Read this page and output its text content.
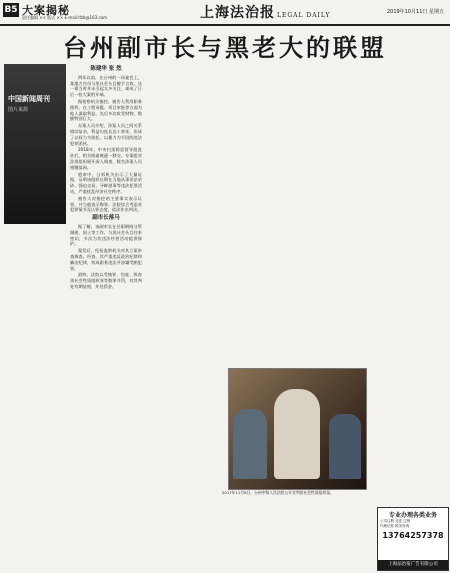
B5 大案揭秘
责任编辑 ×× 版式 ×× E-mail:lfzb@163.com	上海法治报 LEGAL DAILY	2019年10月11日 星期五
台州副市长与黑老大的联盟
中国新闻周刊
图片来源
陈建华 张 然

两年以前，在台州的一场宴会上，某地方官员与黑社会头目握手言欢。这一幕当时并未引起太多关注，却成了日后一桩大案的开端。

据检察机关指控，被告人利用职务便利，在工程承揽、项目审批等方面为他人谋取利益，先后多次收受财物，数额特别巨大。

办案人员介绍，涉案人员之间关系错综复杂，利益勾连长达十余年，形成了以权力为依托、以暴力为手段的违法犯罪团伙。

2018年，中央扫黑除恶督导组进驻后，相关线索被逐一移交。专案组对涉黑组织展开深入调查，数名涉案人员相继落网。

庭审中，公诉机关出示了大量证据，证明该组织长期在当地从事非法采砂、强迫交易、寻衅滋事等违法犯罪活动，严重扰乱经济社会秩序。

被告人对指控的主要事实表示认罪，并当庭表示悔罪。法院综合考虑其犯罪情节及认罪态度，依法作出判决。

副市长落马

据了解，该副市长在任职期间分管城建、国土等工作，与黑社会头目往来密切，多次为其违法经营活动提供保护。

案发后，纪检监察机关对其立案审查调查。经查，其严重违反政治纪律和廉洁纪律，构成职务违法并涉嫌受贿犯罪。

最终，法院以受贿罪、包庇、纵容黑社会性质组织罪等数罪并罚，对其判处有期徒刑，并处罚金。

2017年11月8日，台州中级人民法院公开宣判黑社会性质组织案。
专业办理各类业务
公司注册 变更 注销
代理记账 税务咨询
13764257378
上海法治报广告有限公司
